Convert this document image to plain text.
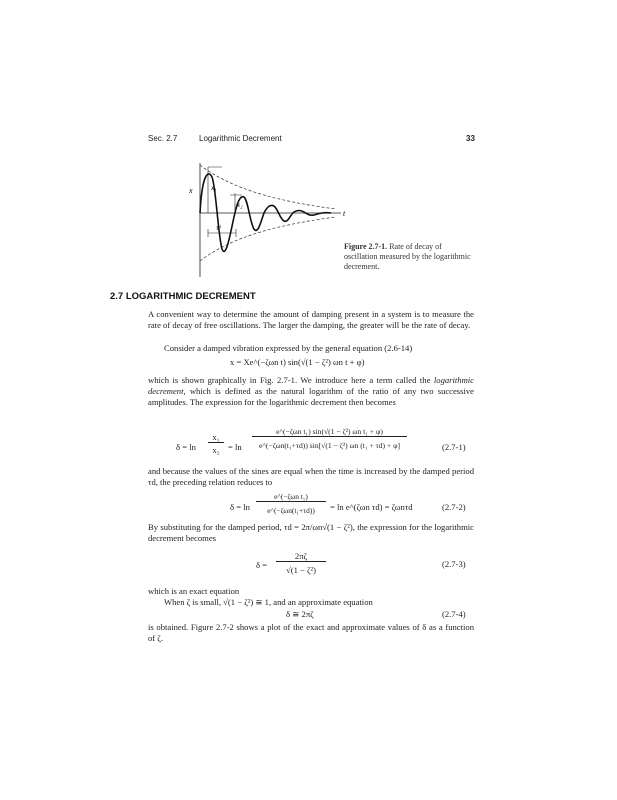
Sec. 2.7	Logarithmic Decrement	33
x	x₁
x₂
t
τᵈ
Figure 2.7-1. Rate of decay of oscillation measured by the logarithmic decrement.
2.7 LOGARITHMIC DECREMENT
A convenient way to determine the amount of damping present in a system is to measure the rate of decay of free oscillations. The larger the damping, the greater will be the rate of decay.
Consider a damped vibration expressed by the general equation (2.6-14)
x = Xe^(−ζωn t) sin(√(1 − ζ²) ωn t + φ)
which is shown graphically in Fig. 2.7-1. We introduce here a term called the logarithmic decrement, which is defined as the natural logarithm of the ratio of any two successive amplitudes. The expression for the logarithmic decrement then becomes
δ = ln
x₁
x₂ = ln
e^(−ζωn t₁) sin(√(1 − ζ²) ωn t₁ + φ)
e^(−ζωn(t₁+τd)) sin[√(1 − ζ²) ωn (t₁ + τd) + φ]	(2.7-1)
and because the values of the sines are equal when the time is increased by the damped period τd, the preceding relation reduces to
δ = ln
e^(−ζωn t₁)
e^(−ζωn(t₁+τd))	= ln e^(ζωn τd) = ζωnτd	(2.7-2)
By substituting for the damped period, τd = 2π/ωn√(1 − ζ²), the expression for the logarithmic decrement becomes
δ =
2πζ
√(1 − ζ²)
(2.7-3)
which is an exact equation
When ζ is small, √(1 − ζ²) ≅ 1, and an approximate equation
δ ≅ 2πζ	(2.7-4)
is obtained. Figure 2.7-2 shows a plot of the exact and approximate values of δ as a function of ζ.
